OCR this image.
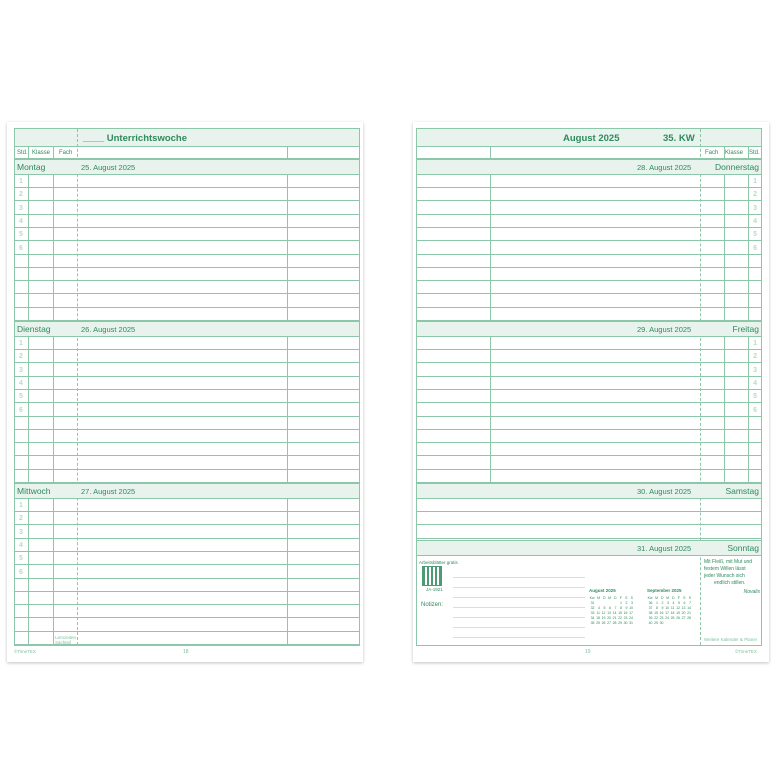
____ Unterrichtswoche
Std. Klasse Fach
Montag	25. August 2025
1
2
3
4
5
6
Dienstag	26. August 2025
1
2
3
4
5
6
Mittwoch	27. August 2025
1
2
3
4
5
6
Lernzeiten Sachteil
©TimeTEX	18
August 2025	35. KW
Fach Klasse Std.
28. August 2025	Donnerstag
1
2
3
4
5
6
29. August 2025	Freitag
1
2
3
4
5
6
30. August 2025	Samstag
31. August 2025	Sonntag
Arbeitsblätter gratis
JA-1921
Notizen:
August 2025
Kw	M	D	M	D	F	S	S
31					1	2	3
32	4	5	6	7	8	9	10
33	11	12	13	14	15	16	17
34	18	19	20	21	22	23	24
35	25	26	27	28	29	30	31
September 2025
Kw	M	D	M	D	F	S	S
36	1	2	3	4	5	6	7
37	8	9	10	11	12	13	14
38	15	16	17	18	19	20	21
39	22	23	24	25	26	27	28
40	29	30					
Mit Fleiß, mit Mut und
festem Willen lässt
jeder Wunsch sich
endlich stillen.
Novalis
Weitere Kalender & Planer
19	©TimeTEX
